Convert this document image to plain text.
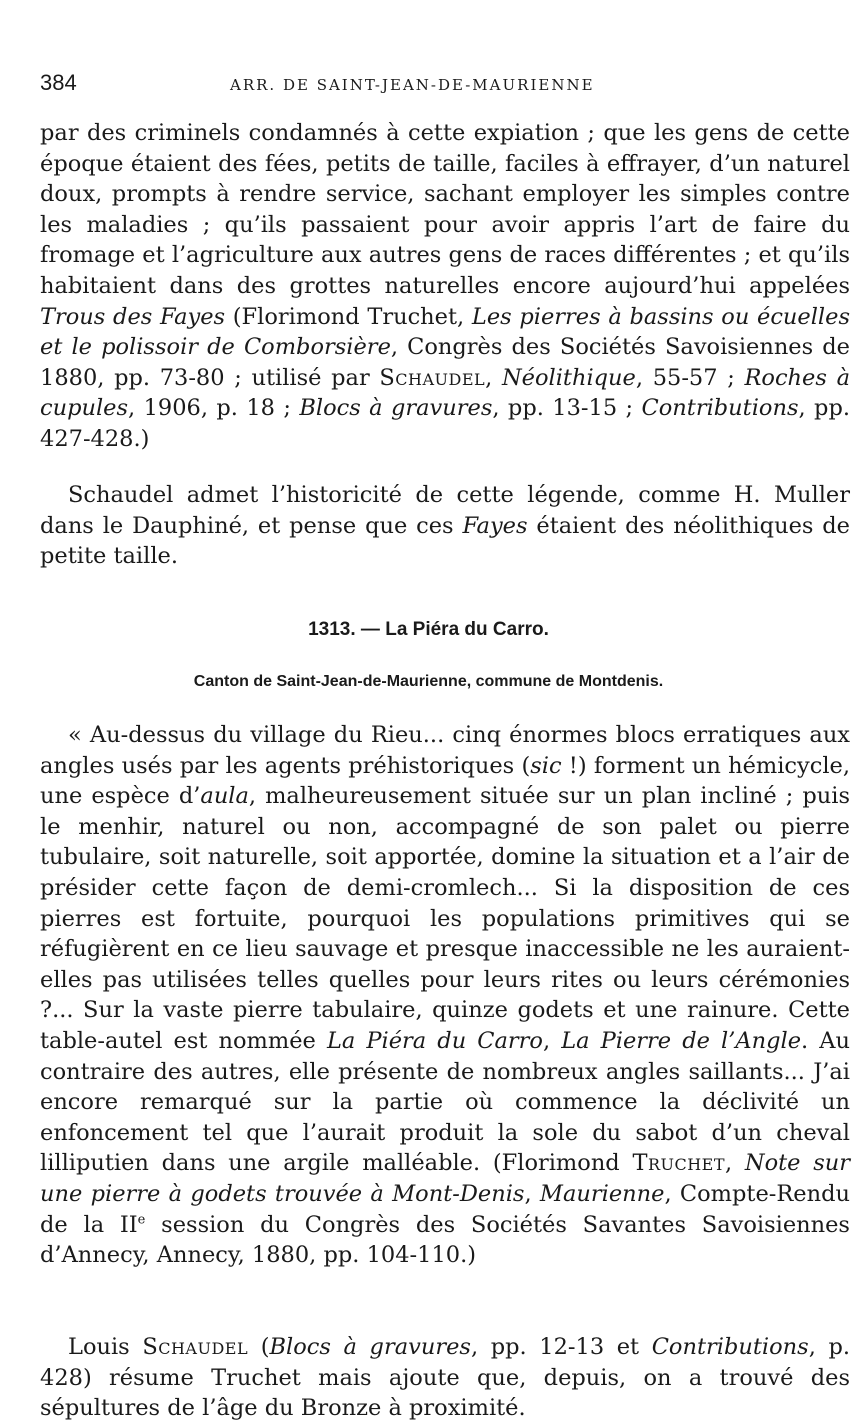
384	ARR. DE SAINT-JEAN-DE-MAURIENNE

par des criminels condamnés à cette expiation ; que les gens de cette époque étaient des fées, petits de taille, faciles à effrayer, d’un naturel doux, prompts à rendre service, sachant employer les simples contre les maladies ; qu’ils passaient pour avoir appris l’art de faire du fromage et l’agriculture aux autres gens de races différentes ; et qu’ils habitaient dans des grottes naturelles encore aujourd’hui appelées Trous des Fayes (Florimond Truchet, Les pierres à bassins ou écuelles et le polissoir de Comborsière, Congrès des Sociétés Savoisiennes de 1880, pp. 73-80 ; utilisé par Schaudel, Néolithique, 55-57 ; Roches à cupules, 1906, p. 18 ; Blocs à gravures, pp. 13-15 ; Contributions, pp. 427-428.)

Schaudel admet l’historicité de cette légende, comme H. Muller dans le Dauphiné, et pense que ces Fayes étaient des néolithiques de petite taille.

1313. — La Piéra du Carro.
Canton de Saint-Jean-de-Maurienne, commune de Montdenis.

« Au-dessus du village du Rieu... cinq énormes blocs erratiques aux angles usés par les agents préhistoriques (sic !) forment un hémicycle, une espèce d’aula, malheureusement située sur un plan incliné ; puis le menhir, naturel ou non, accompagné de son palet ou pierre tubulaire, soit naturelle, soit apportée, domine la situation et a l’air de présider cette façon de demi-cromlech... Si la disposition de ces pierres est fortuite, pourquoi les populations primitives qui se réfugièrent en ce lieu sauvage et presque inaccessible ne les auraient-elles pas utilisées telles quelles pour leurs rites ou leurs cérémonies ?... Sur la vaste pierre tabulaire, quinze godets et une rainure. Cette table-autel est nommée La Piéra du Carro, La Pierre de l’Angle. Au contraire des autres, elle présente de nombreux angles saillants... J’ai encore remarqué sur la partie où commence la déclivité un enfoncement tel que l’aurait produit la sole du sabot d’un cheval lilliputien dans une argile malléable. (Florimond Truchet, Note sur une pierre à godets trouvée à Mont-Denis, Maurienne, Compte-Rendu de la IIe session du Congrès des Sociétés Savantes Savoisiennes d’Annecy, Annecy, 1880, pp. 104-110.)

Louis Schaudel (Blocs à gravures, pp. 12-13 et Contributions, p. 428) résume Truchet mais ajoute que, depuis, on a trouvé des sépultures de l’âge du Bronze à proximité.
